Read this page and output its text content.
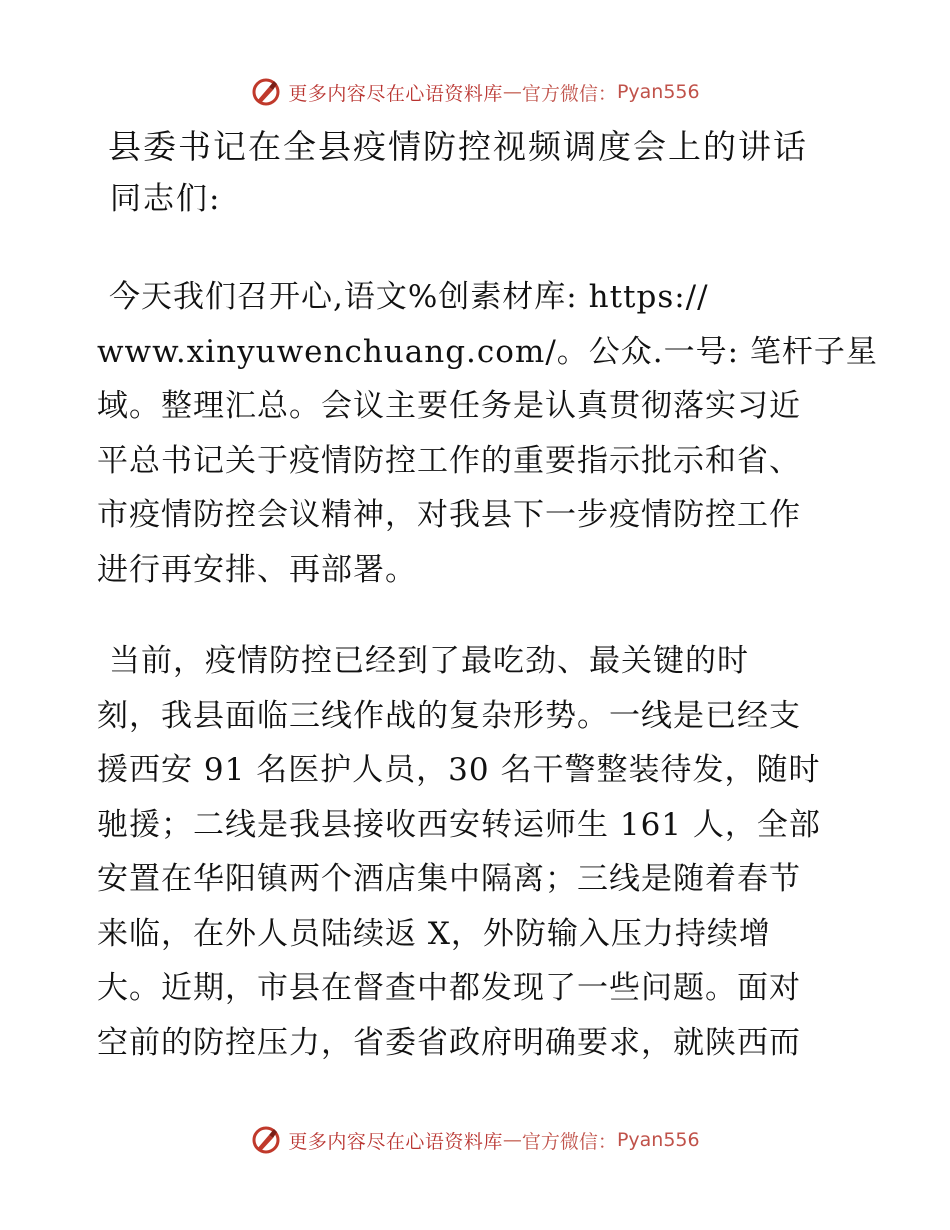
更多内容尽在心语资料库 — 官方微信： Pyan556
县委书记在全县疫情防控视频调度会上的讲话

同志们:

今天我们召开心,语文%创素材库: https://
www.xinyuwenchuang.com/。公众.一号: 笔杆子星
域。整理汇总。会议主要任务是认真贯彻落实习近
平总书记关于疫情防控工作的重要指示批示和省、
市疫情防控会议精神，对我县下一步疫情防控工作
进行再安排、再部署。
当前，疫情防控已经到了最吃劲、最关键的时
刻，我县面临三线作战的复杂形势。一线是已经支
援西安 91 名医护人员，30 名干警整装待发，随时
驰援；二线是我县接收西安转运师生 161 人，全部
安置在华阳镇两个酒店集中隔离；三线是随着春节
来临，在外人员陆续返 X，外防输入压力持续增
大。近期，市县在督查中都发现了一些问题。面对
空前的防控压力，省委省政府明确要求，就陕西而
更多内容尽在心语资料库 — 官方微信： Pyan556
